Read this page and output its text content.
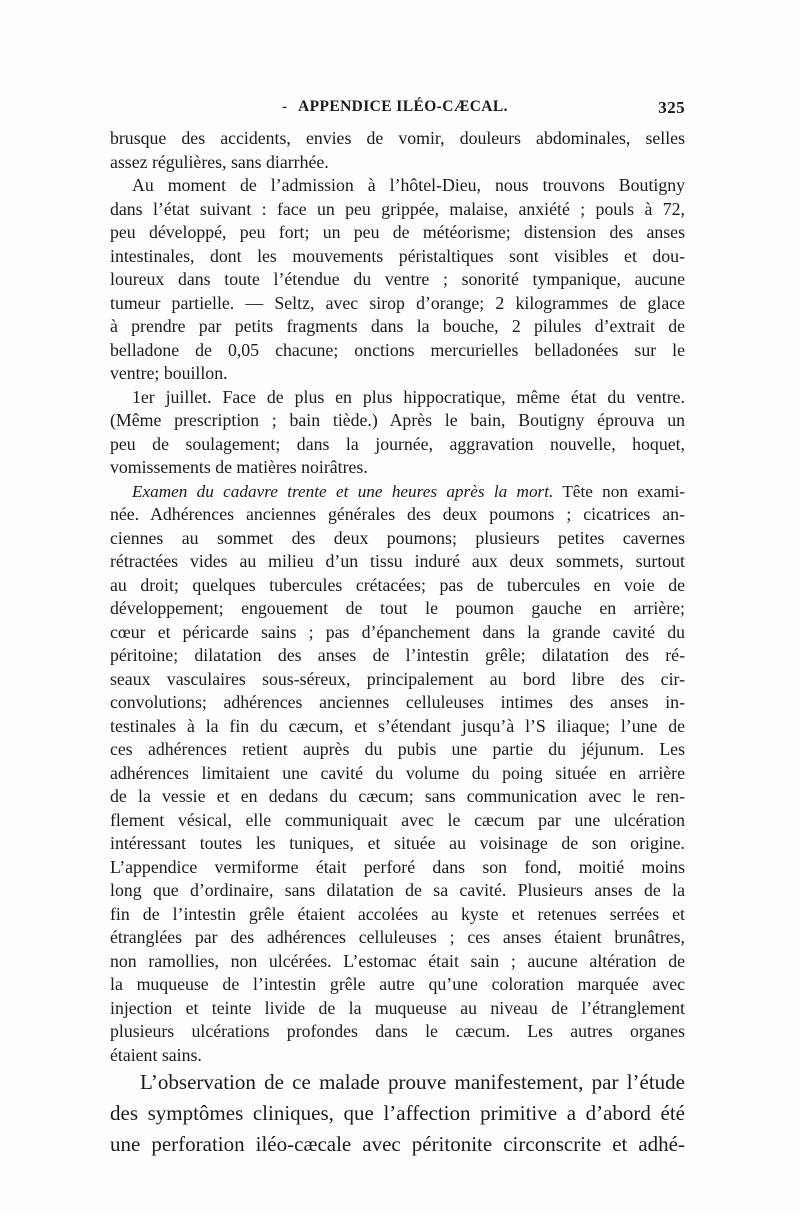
- APPENDICE ILÉO-CÆCAL.	325
brusque des accidents, envies de vomir, douleurs abdominales, selles
assez régulières, sans diarrhée.
Au moment de l’admission à l’hôtel-Dieu, nous trouvons Boutigny
dans l’état suivant : face un peu grippée, malaise, anxiété ; pouls à 72,
peu développé, peu fort; un peu de météorisme; distension des anses
intestinales, dont les mouvements péristaltiques sont visibles et dou-
loureux dans toute l’étendue du ventre ; sonorité tympanique, aucune
tumeur partielle. — Seltz, avec sirop d’orange; 2 kilogrammes de glace
à prendre par petits fragments dans la bouche, 2 pilules d’extrait de
belladone de 0,05 chacune; onctions mercurielles belladonées sur le
ventre; bouillon.
1er juillet. Face de plus en plus hippocratique, même état du ventre.
(Même prescription ; bain tiède.) Après le bain, Boutigny éprouva un
peu de soulagement; dans la journée, aggravation nouvelle, hoquet,
vomissements de matières noirâtres.
Examen du cadavre trente et une heures après la mort. Tête non exami-
née. Adhérences anciennes générales des deux poumons ; cicatrices an-
ciennes au sommet des deux poumons; plusieurs petites cavernes
rétractées vides au milieu d’un tissu induré aux deux sommets, surtout
au droit; quelques tubercules crétacées; pas de tubercules en voie de
développement; engouement de tout le poumon gauche en arrière;
cœur et péricarde sains ; pas d’épanchement dans la grande cavité du
péritoine; dilatation des anses de l’intestin grêle; dilatation des ré-
seaux vasculaires sous-séreux, principalement au bord libre des cir-
convolutions; adhérences anciennes celluleuses intimes des anses in-
testinales à la fin du cæcum, et s’étendant jusqu’à l’S iliaque; l’une de
ces adhérences retient auprès du pubis une partie du jéjunum. Les
adhérences limitaient une cavité du volume du poing située en arrière
de la vessie et en dedans du cæcum; sans communication avec le ren-
flement vésical, elle communiquait avec le cæcum par une ulcération
intéressant toutes les tuniques, et située au voisinage de son origine.
L’appendice vermiforme était perforé dans son fond, moitié moins
long que d’ordinaire, sans dilatation de sa cavité. Plusieurs anses de la
fin de l’intestin grêle étaient accolées au kyste et retenues serrées et
étranglées par des adhérences celluleuses ; ces anses étaient brunâtres,
non ramollies, non ulcérées. L’estomac était sain ; aucune altération de
la muqueuse de l’intestin grêle autre qu’une coloration marquée avec
injection et teinte livide de la muqueuse au niveau de l’étranglement
plusieurs ulcérations profondes dans le cæcum. Les autres organes
étaient sains.
L’observation de ce malade prouve manifestement, par l’étude
des symptômes cliniques, que l’affection primitive a d’abord été
une perforation iléo-cæcale avec péritonite circonscrite et adhé-
